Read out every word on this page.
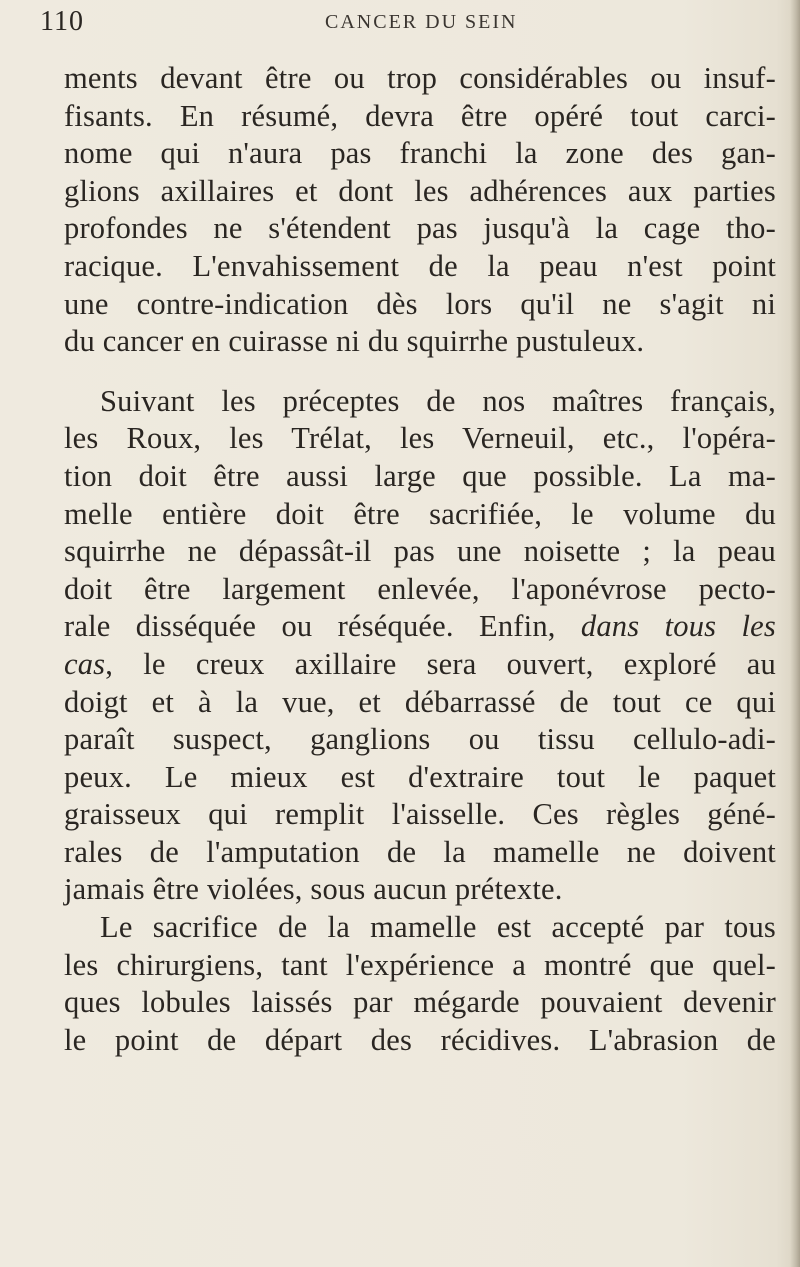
110	CANCER DU SEIN
ments devant être ou trop considérables ou insuf-
fisants. En résumé, devra être opéré tout carci-
nome qui n'aura pas franchi la zone des gan-
glions axillaires et dont les adhérences aux parties
profondes ne s'étendent pas jusqu'à la cage tho-
racique. L'envahissement de la peau n'est point
une contre-indication dès lors qu'il ne s'agit ni
du cancer en cuirasse ni du squirrhe pustuleux.
Suivant les préceptes de nos maîtres français,
les Roux, les Trélat, les Verneuil, etc., l'opéra-
tion doit être aussi large que possible. La ma-
melle entière doit être sacrifiée, le volume du
squirrhe ne dépassât-il pas une noisette ; la peau
doit être largement enlevée, l'aponévrose pecto-
rale disséquée ou réséquée. Enfin, dans tous les
cas, le creux axillaire sera ouvert, exploré au
doigt et à la vue, et débarrassé de tout ce qui
paraît suspect, ganglions ou tissu cellulo-adi-
peux. Le mieux est d'extraire tout le paquet
graisseux qui remplit l'aisselle. Ces règles géné-
rales de l'amputation de la mamelle ne doivent
jamais être violées, sous aucun prétexte.
Le sacrifice de la mamelle est accepté par tous
les chirurgiens, tant l'expérience a montré que quel-
ques lobules laissés par mégarde pouvaient devenir
le point de départ des récidives. L'abrasion de
